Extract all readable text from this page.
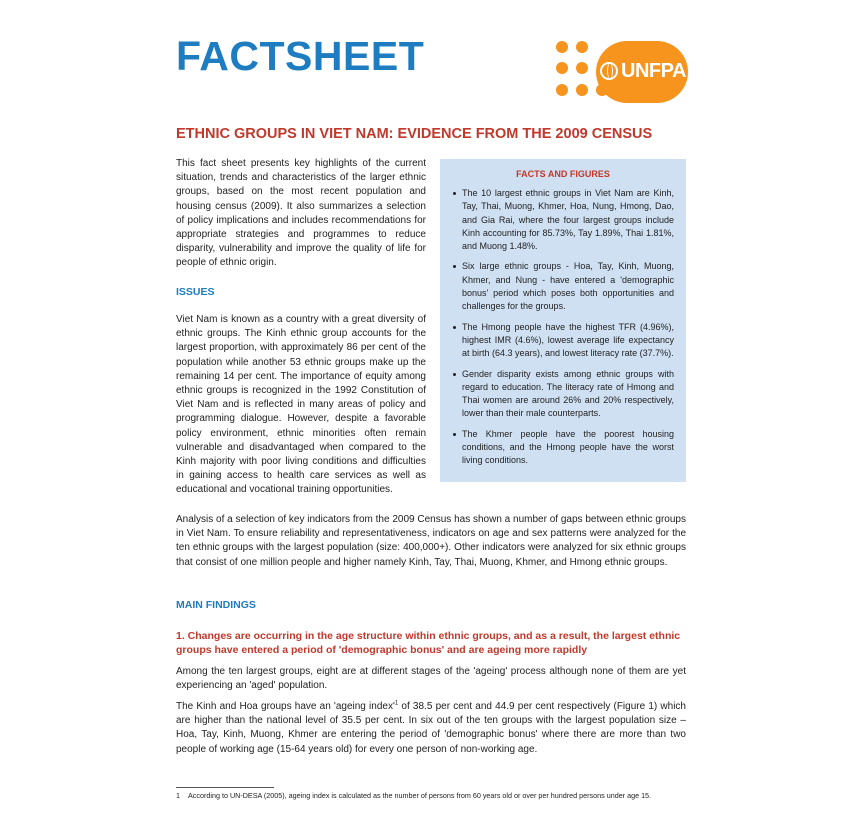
FACTSHEET	UNFPA
ETHNIC GROUPS IN VIET NAM: EVIDENCE FROM THE 2009 CENSUS

This fact sheet presents key highlights of the current situation, trends and characteristics of the larger ethnic groups, based on the most recent population and housing census (2009). It also summarizes a selection of policy implications and includes recommendations for appropriate strategies and programmes to reduce disparity, vulnerability and improve the quality of life for people of ethnic origin.

ISSUES

Viet Nam is known as a country with a great diversity of ethnic groups. The Kinh ethnic group accounts for the largest proportion, with approximately 86 per cent of the population while another 53 ethnic groups make up the remaining 14 per cent. The importance of equity among ethnic groups is recognized in the 1992 Constitution of Viet Nam and is reflected in many areas of policy and programming dialogue. However, despite a favorable policy environment, ethnic minorities often remain vulnerable and disadvantaged when compared to the Kinh majority with poor living conditions and difficulties in gaining access to health care services as well as educational and vocational training opportunities.

FACTS AND FIGURES
The 10 largest ethnic groups in Viet Nam are Kinh, Tay, Thai, Muong, Khmer, Hoa, Nung, Hmong, Dao, and Gia Rai, where the four largest groups include Kinh accounting for 85.73%, Tay 1.89%, Thai 1.81%, and Muong 1.48%.
Six large ethnic groups - Hoa, Tay, Kinh, Muong, Khmer, and Nung - have entered a 'demographic bonus' period which poses both opportunities and challenges for the groups.
The Hmong people have the highest TFR (4.96%), highest IMR (4.6%), lowest average life expectancy at birth (64.3 years), and lowest literacy rate (37.7%).
Gender disparity exists among ethnic groups with regard to education. The literacy rate of Hmong and Thai women are around 26% and 20% respectively, lower than their male counterparts.
The Khmer people have the poorest housing conditions, and the Hmong people have the worst living conditions.

Analysis of a selection of key indicators from the 2009 Census has shown a number of gaps between ethnic groups in Viet Nam. To ensure reliability and representativeness, indicators on age and sex patterns were analyzed for the ten ethnic groups with the largest population (size: 400,000+). Other indicators were analyzed for six ethnic groups that consist of one million people and higher namely Kinh, Tay, Thai, Muong, Khmer, and Hmong ethnic groups.

MAIN FINDINGS
1. Changes are occurring in the age structure within ethnic groups, and as a result, the largest ethnic groups have entered a period of 'demographic bonus' and are ageing more rapidly

Among the ten largest groups, eight are at different stages of the 'ageing' process although none of them are yet experiencing an 'aged' population.

The Kinh and Hoa groups have an 'ageing $index'^1$ of 38.5 per cent and 44.9 per cent respectively (Figure 1) which are higher than the national level of 35.5 per cent. In six out of the ten groups with the largest population size – Hoa, Tay, Kinh, Muong, Khmer are entering the period of 'demographic bonus' where there are more than two people of working age (15-64 years old) for every one person of non-working age.

1 According to UN-DESA (2005), ageing index is calculated as the number of persons from 60 years old or over per hundred persons under age 15.
